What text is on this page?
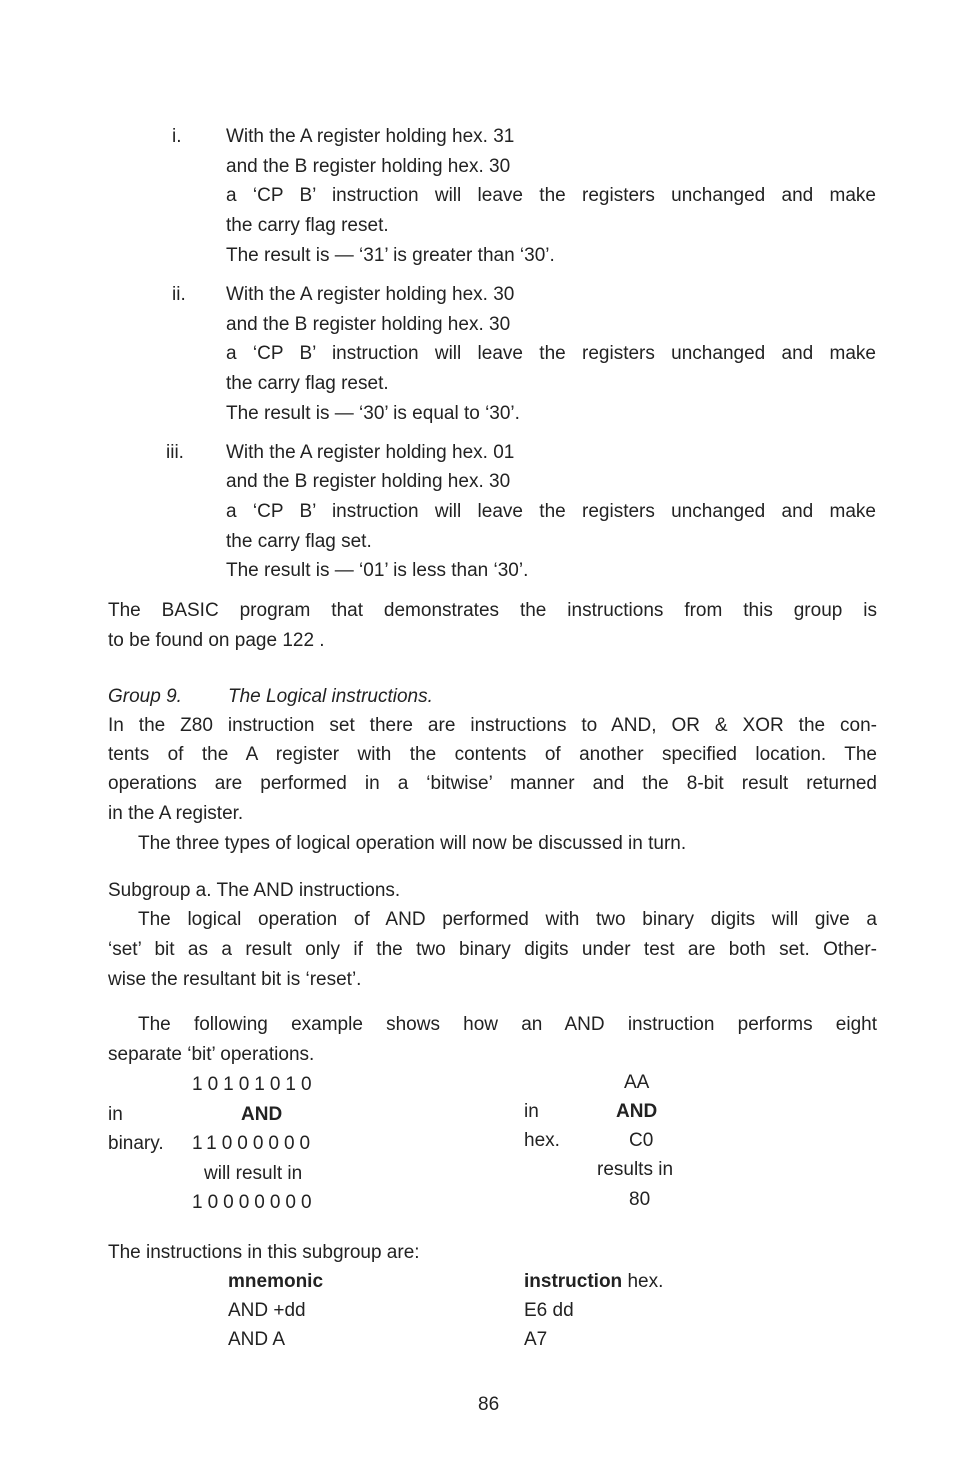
i. With the A register holding hex. 31
and the B register holding hex. 30
a ‘CP B’ instruction will leave the registers unchanged and make
the carry flag reset.
The result is — ‘31’ is greater than ‘30’.
ii. With the A register holding hex. 30
and the B register holding hex. 30
a ‘CP B’ instruction will leave the registers unchanged and make
the carry flag reset.
The result is — ‘30’ is equal to ‘30’.
iii. With the A register holding hex. 01
and the B register holding hex. 30
a ‘CP B’ instruction will leave the registers unchanged and make
the carry flag set.
The result is — ‘01’ is less than ‘30’.
The BASIC program that demonstrates the instructions from this group is
to be found on page 122 .
Group 9. The Logical instructions.
In the Z80 instruction set there are instructions to AND, OR & XOR the con-
tents of the A register with the contents of another specified location. The
operations are performed in a ‘bitwise’ manner and the 8-bit result returned
in the A register.
The three types of logical operation will now be discussed in turn.
Subgroup a. The AND instructions.
The logical operation of AND performed with two binary digits will give a
‘set’ bit as a result only if the two binary digits under test are both set. Other-
wise the resultant bit is ‘reset’.
The following example shows how an AND instruction performs eight
separate ‘bit’ operations.
10101010
in	AND
binary. 11000000
will result in
10000000
AA
in	AND
hex.	C0
results in
80
The instructions in this subgroup are:
mnemonic	instruction hex.
AND +dd	E6 dd
AND A	A7
86
